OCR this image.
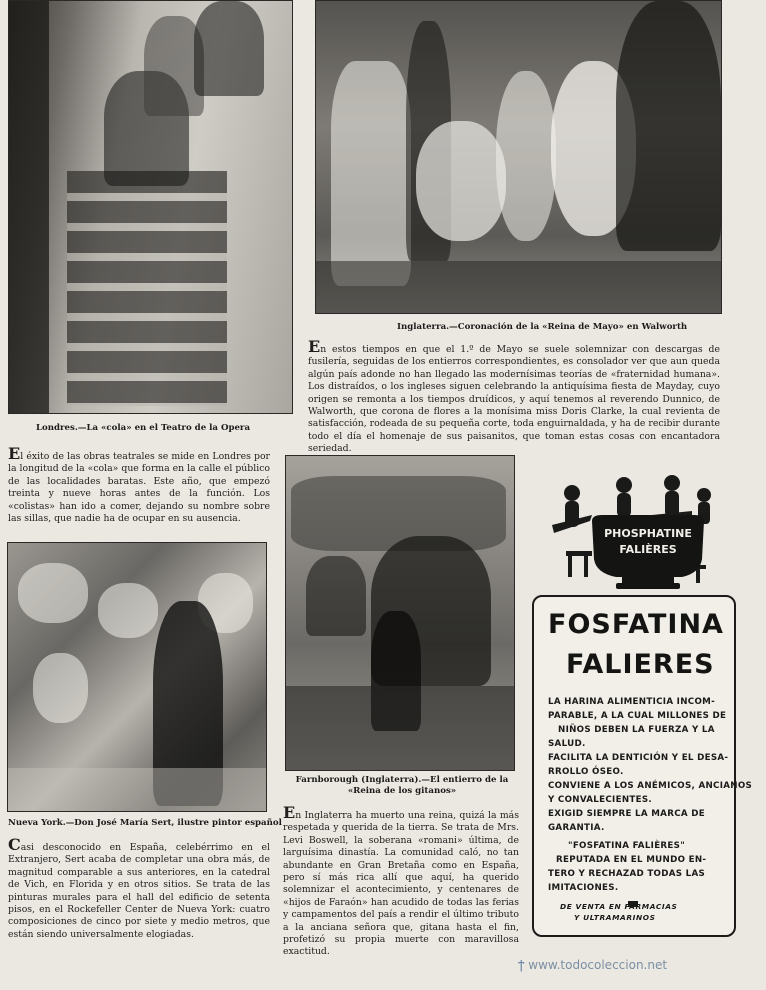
Londres.—La «cola» en el Teatro de la Opera
Inglaterra.—Coronación de la «Reina de Mayo» en Walworth

En estos tiempos en que el 1.º de Mayo se suele solemnizar con descargas de fusilería, seguidas de los entierros correspondientes, es consolador ver que aun queda algún país adonde no han llegado las modernísimas teorías de «fraternidad humana». Los distraídos, o los ingleses siguen celebrando la antiquísima fiesta de Mayday, cuyo origen se remonta a los tiempos druídicos, y aquí tenemos al reverendo Dunnico, de Walworth, que corona de flores a la monísima miss Doris Clarke, la cual revienta de satisfacción, rodeada de su pequeña corte, toda enguirnaldada, y ha de recibir durante todo el día el homenaje de sus paisanitos, que toman estas cosas con encantadora seriedad.

El éxito de las obras teatrales se mide en Londres por la longitud de la «cola» que forma en la calle el público de las localidades baratas. Este año, que empezó treinta y nueve horas antes de la función. Los «colistas» han ido a comer, dejando su nombre sobre las sillas, que nadie ha de ocupar en su ausencia.

Nueva York.—Don José María Sert, ilustre pintor español

Casi desconocido en España, celebérrimo en el Extranjero, Sert acaba de completar una obra más, de magnitud comparable a sus anteriores, en la catedral de Vich, en Florida y en otros sitios. Se trata de las pinturas murales para el hall del edificio de setenta pisos, en el Rockefeller Center de Nueva York: cuatro composiciones de cinco por siete y medio metros, que están siendo universalmente elogiadas.

Farnborough (Inglaterra).—El entierro de la «Reina de los gitanos»

En Inglaterra ha muerto una reina, quizá la más respetada y querida de la tierra. Se trata de Mrs. Levi Boswell, la soberana «romani» última, de larguísima dinastía. La comunidad caló, no tan abundante en Gran Bretaña como en España, pero sí más rica allí que aquí, ha querido solemnizar el acontecimiento, y centenares de «hijos de Faraón» han acudido de todas las ferias y campamentos del país a rendir el último tributo a la anciana señora que, gitana hasta el fin, profetizó su propia muerte con maravillosa exactitud.

PHOSPHATINE
FALIÈRES
FOSFATINA
FALIERES
LA HARINA ALIMENTICIA INCOM-
PARABLE, A LA CUAL MILLONES DE
NIÑOS DEBEN LA FUERZA Y LA
SALUD.
FACILITA LA DENTICIÓN Y EL DESA-
RROLLO ÓSEO.
CONVIENE A LOS ANÉMICOS, ANCIANOS
Y CONVALECIENTES.
EXIGID SIEMPRE LA MARCA DE
GARANTIA.
"FOSFATINA FALIÈRES"
REPUTADA EN EL MUNDO EN-
TERO Y RECHAZAD TODAS LAS
IMITACIONES.
DE VENTA EN FARMACIAS
Y ULTRAMARINOS
ϯ www.todocoleccion.net
